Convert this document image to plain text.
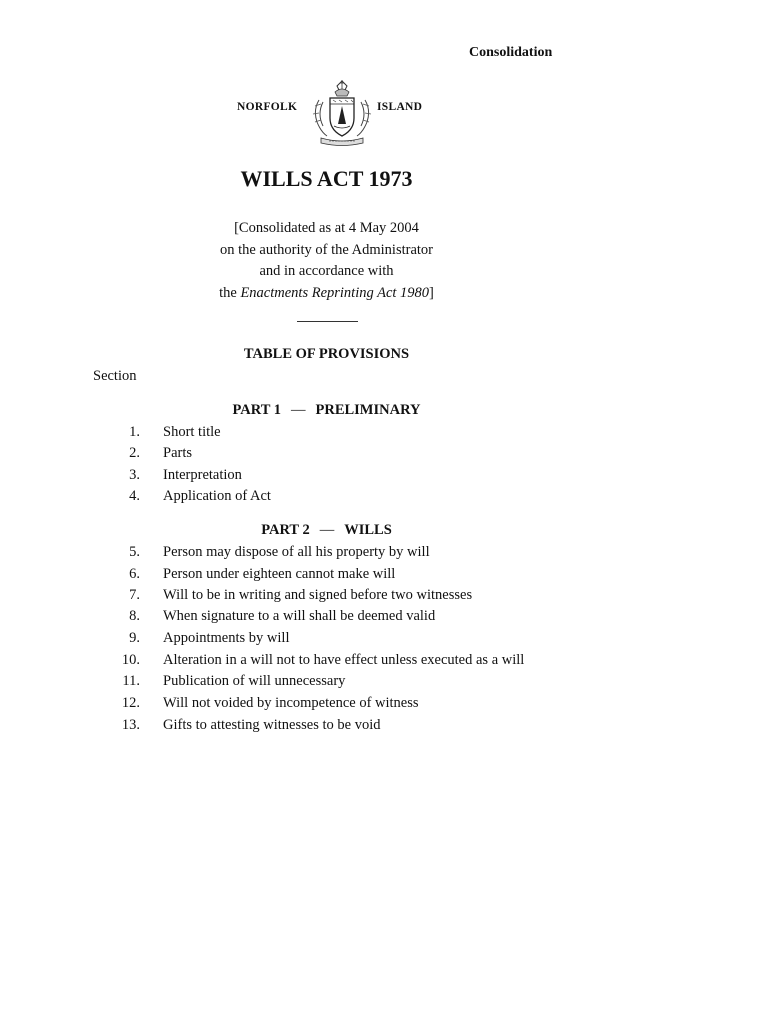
Consolidation
NORFOLK	ISLAND
WILLS ACT 1973
[Consolidated as at 4 May 2004
on the authority of the Administrator
and in accordance with
the Enactments Reprinting Act 1980]
TABLE OF PROVISIONS
Section
PART 1 — PRELIMINARY
1. Short title
2. Parts
3. Interpretation
4. Application of Act
PART 2 — WILLS
5. Person may dispose of all his property by will
6. Person under eighteen cannot make will
7. Will to be in writing and signed before two witnesses
8. When signature to a will shall be deemed valid
9. Appointments by will
10. Alteration in a will not to have effect unless executed as a will
11. Publication of will unnecessary
12. Will not voided by incompetence of witness
13. Gifts to attesting witnesses to be void
